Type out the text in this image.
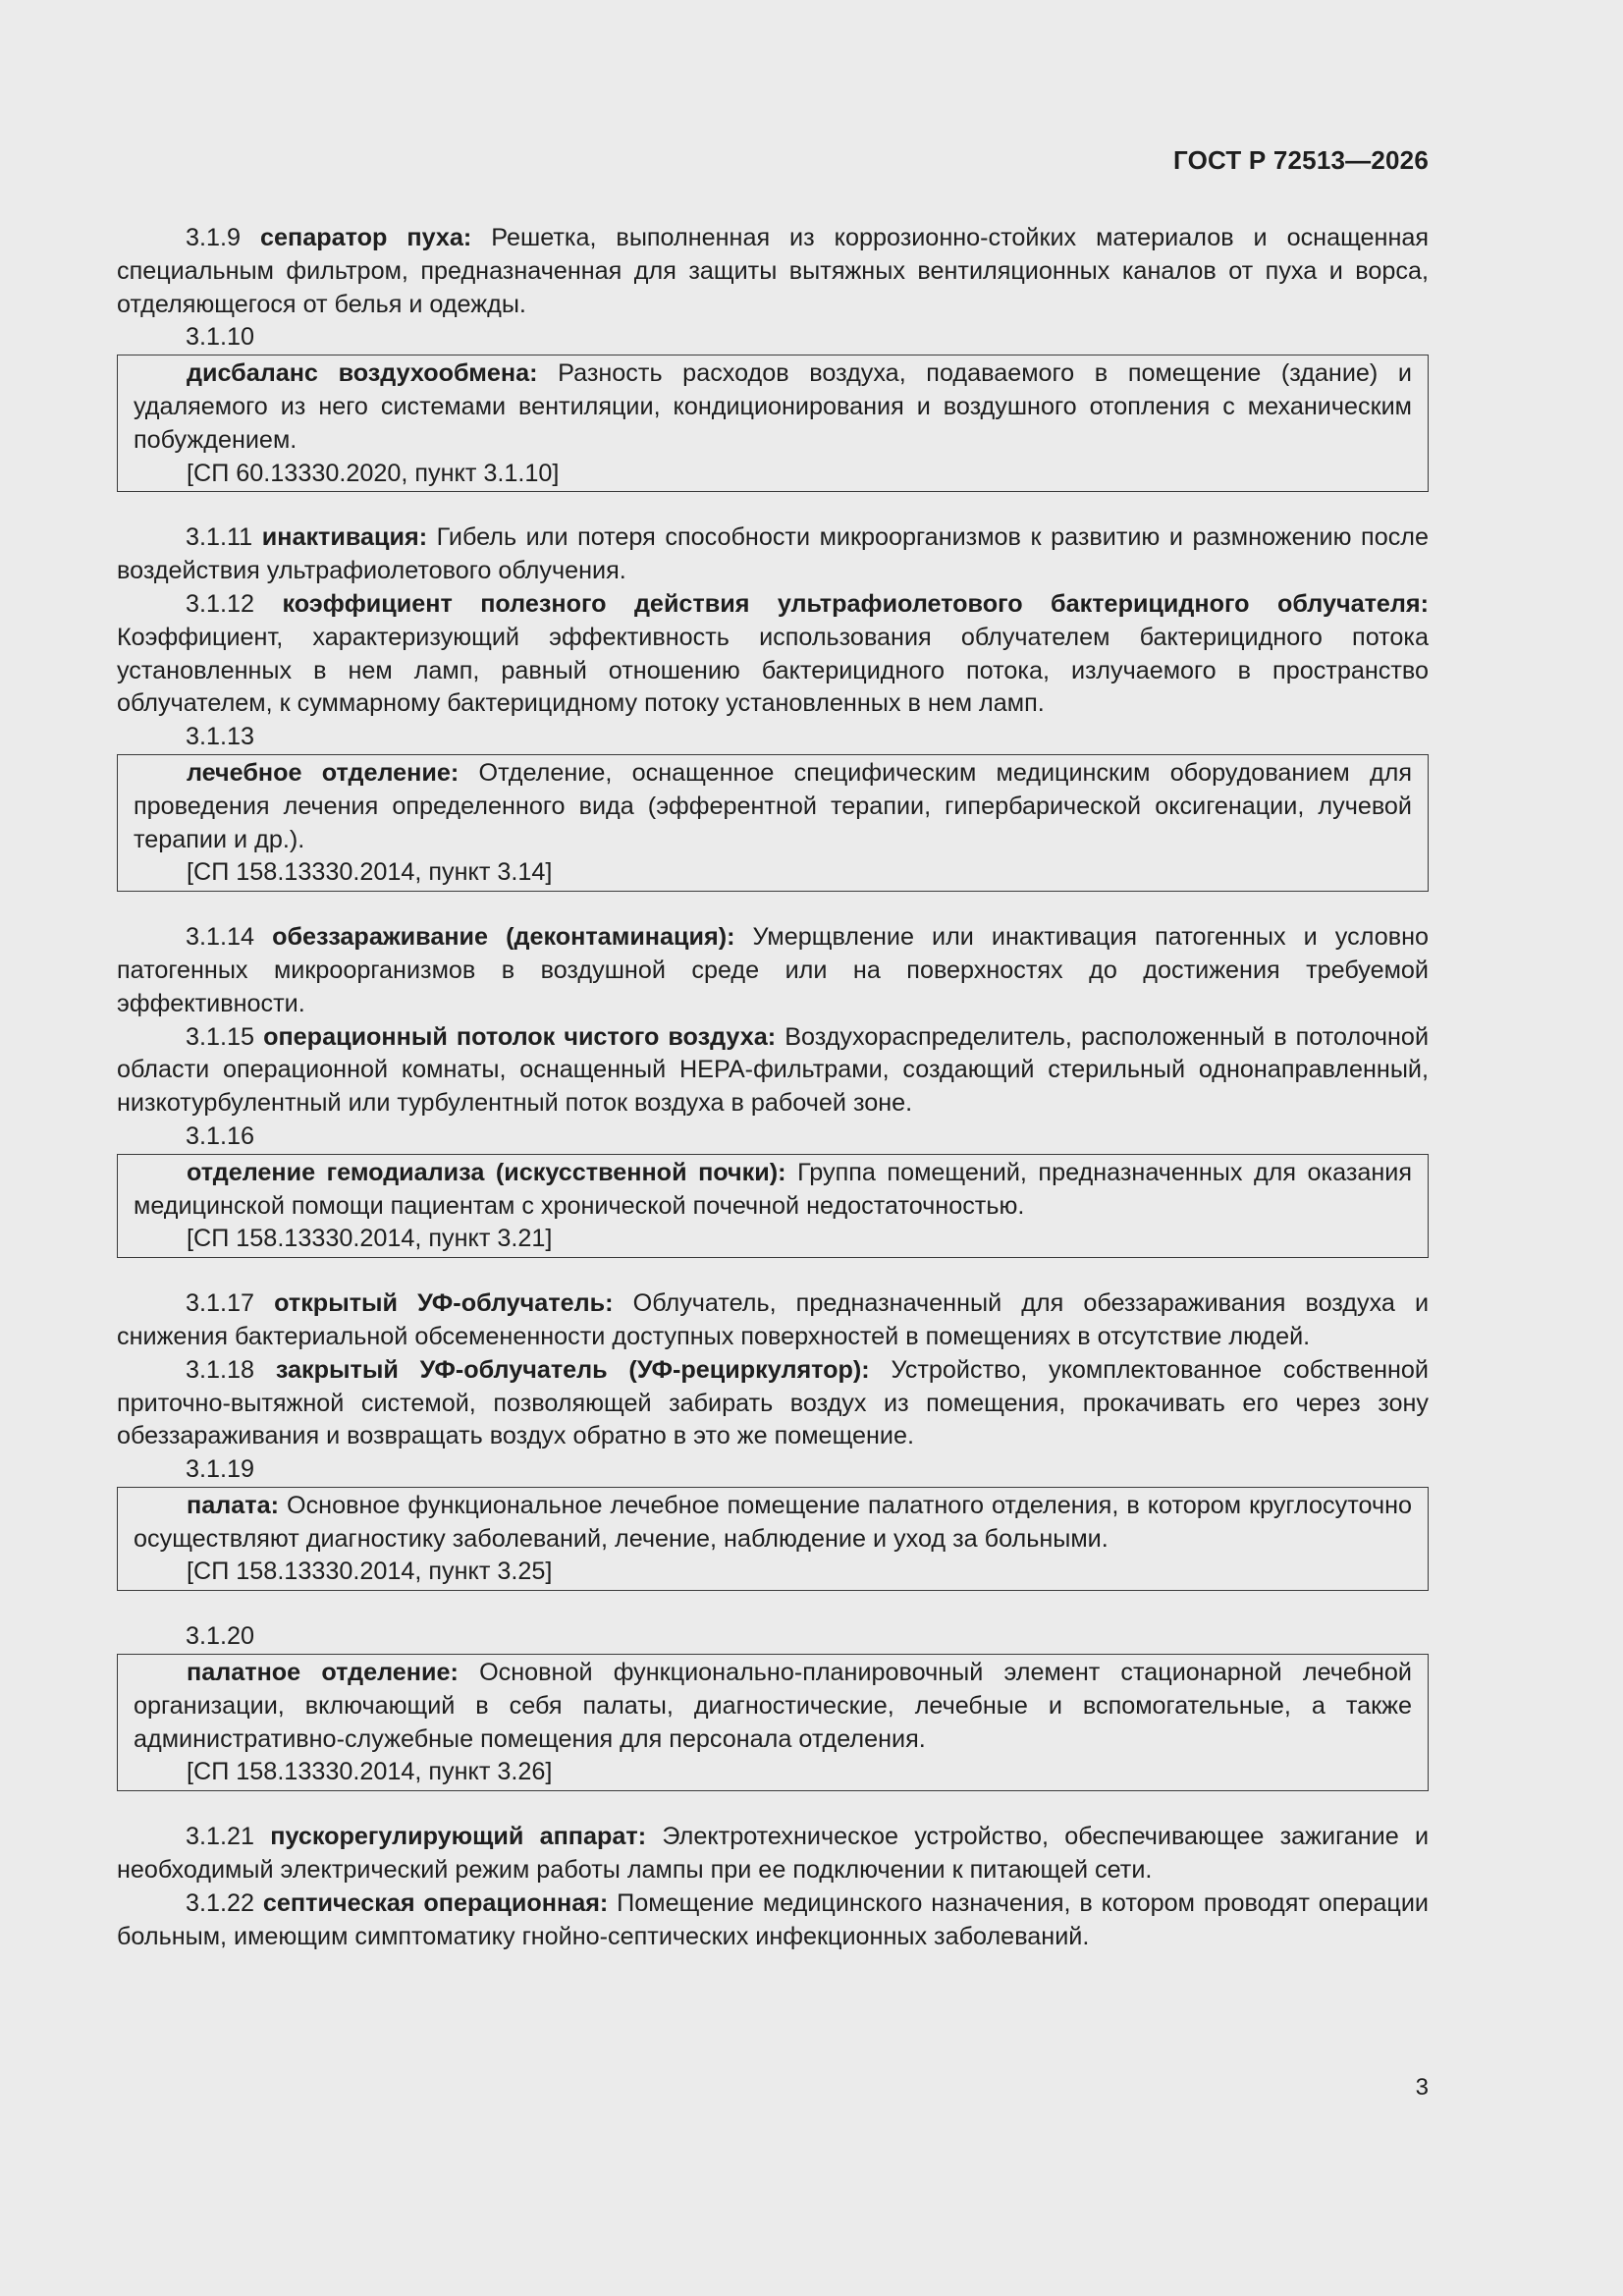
ГОСТ Р 72513—2026

3.1.9 сепаратор пуха: Решетка, выполненная из коррозионно-стойких материалов и оснащенная специальным фильтром, предназначенная для защиты вытяжных вентиляционных каналов от пуха и ворса, отделяющегося от белья и одежды.

3.1.10

дисбаланс воздухообмена: Разность расходов воздуха, подаваемого в помещение (здание) и удаляемого из него системами вентиляции, кондиционирования и воздушного отопления с механическим побуждением.

[СП 60.13330.2020, пункт 3.1.10]

3.1.11 инактивация: Гибель или потеря способности микроорганизмов к развитию и размножению после воздействия ультрафиолетового облучения.

3.1.12 коэффициент полезного действия ультрафиолетового бактерицидного облучателя: Коэффициент, характеризующий эффективность использования облучателем бактерицидного потока установленных в нем ламп, равный отношению бактерицидного потока, излучаемого в пространство облучателем, к суммарному бактерицидному потоку установленных в нем ламп.

3.1.13

лечебное отделение: Отделение, оснащенное специфическим медицинским оборудованием для проведения лечения определенного вида (эфферентной терапии, гипербарической оксигенации, лучевой терапии и др.).

[СП 158.13330.2014, пункт 3.14]

3.1.14 обеззараживание (деконтаминация): Умерщвление или инактивация патогенных и условно патогенных микроорганизмов в воздушной среде или на поверхностях до достижения требуемой эффективности.

3.1.15 операционный потолок чистого воздуха: Воздухораспределитель, расположенный в потолочной области операционной комнаты, оснащенный HEPA-фильтрами, создающий стерильный однонаправленный, низкотурбулентный или турбулентный поток воздуха в рабочей зоне.

3.1.16

отделение гемодиализа (искусственной почки): Группа помещений, предназначенных для оказания медицинской помощи пациентам с хронической почечной недостаточностью.

[СП 158.13330.2014, пункт 3.21]

3.1.17 открытый УФ-облучатель: Облучатель, предназначенный для обеззараживания воздуха и снижения бактериальной обсемененности доступных поверхностей в помещениях в отсутствие людей.

3.1.18 закрытый УФ-облучатель (УФ-рециркулятор): Устройство, укомплектованное собственной приточно-вытяжной системой, позволяющей забирать воздух из помещения, прокачивать его через зону обеззараживания и возвращать воздух обратно в это же помещение.

3.1.19

палата: Основное функциональное лечебное помещение палатного отделения, в котором круглосуточно осуществляют диагностику заболеваний, лечение, наблюдение и уход за больными.

[СП 158.13330.2014, пункт 3.25]

3.1.20

палатное отделение: Основной функционально-планировочный элемент стационарной лечебной организации, включающий в себя палаты, диагностические, лечебные и вспомогательные, а также административно-служебные помещения для персонала отделения.

[СП 158.13330.2014, пункт 3.26]

3.1.21 пускорегулирующий аппарат: Электротехническое устройство, обеспечивающее зажигание и необходимый электрический режим работы лампы при ее подключении к питающей сети.

3.1.22 септическая операционная: Помещение медицинского назначения, в котором проводят операции больным, имеющим симптоматику гнойно-септических инфекционных заболеваний.

3
